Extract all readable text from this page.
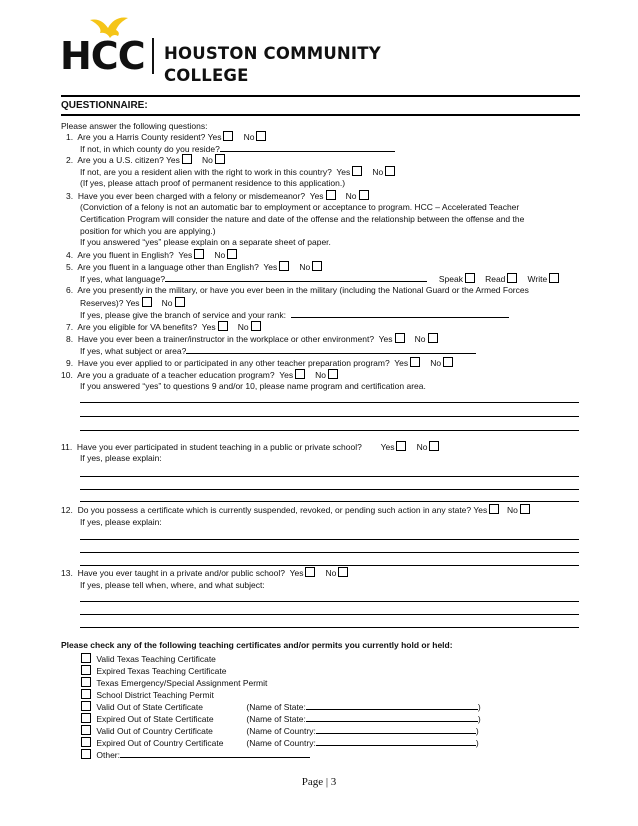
HCC HOUSTON COMMUNITY COLLEGE
QUESTIONNAIRE:
Please answer the following questions:
1. Are you a Harris County resident? Yes	No
If not, in which county do you reside?
2. Are you a U.S. citizen? Yes	No
If not, are you a resident alien with the right to work in this country? Yes	No
(If yes, please attach proof of permanent residence to this application.)
3. Have you ever been charged with a felony or misdemeanor? Yes	No
(Conviction of a felony is not an automatic bar to employment or acceptance to program. HCC – Accelerated Teacher
Certification Program will consider the nature and date of the offense and the relationship between the offense and the
position for which you are applying.)
If you answered “yes” please explain on a separate sheet of paper.
4. Are you fluent in English? Yes	No
5. Are you fluent in a language other than English? Yes	No
If yes, what language?	Speak	Read	Write
6. Are you presently in the military, or have you ever been in the military (including the National Guard or the Armed Forces
Reserves)? Yes	No
If yes, please give the branch of service and your rank:
7. Are you eligible for VA benefits? Yes	No
8. Have you ever been a trainer/instructor in the workplace or other environment? Yes	No
If yes, what subject or area?
9. Have you ever applied to or participated in any other teacher preparation program? Yes	No
10. Are you a graduate of a teacher education program? Yes	No
If you answered “yes” to questions 9 and/or 10, please name program and certification area.
11. Have you ever participated in student teaching in a public or private school? Yes	No
If yes, please explain:
12. Do you possess a certificate which is currently suspended, revoked, or pending such action in any state? Yes No
If yes, please explain:
13. Have you ever taught in a private and/or public school? Yes	No
If yes, please tell when, where, and what subject:
Please check any of the following teaching certificates and/or permits you currently hold or held:
Valid Texas Teaching Certificate
Expired Texas Teaching Certificate
Texas Emergency/Special Assignment Permit
School District Teaching Permit
Valid Out of State Certificate	(Name of State:	)
Expired Out of State Certificate	(Name of State:	)
Valid Out of Country Certificate	(Name of Country:	)
Expired Out of Country Certificate	(Name of Country:	)
Other:
Page | 3
